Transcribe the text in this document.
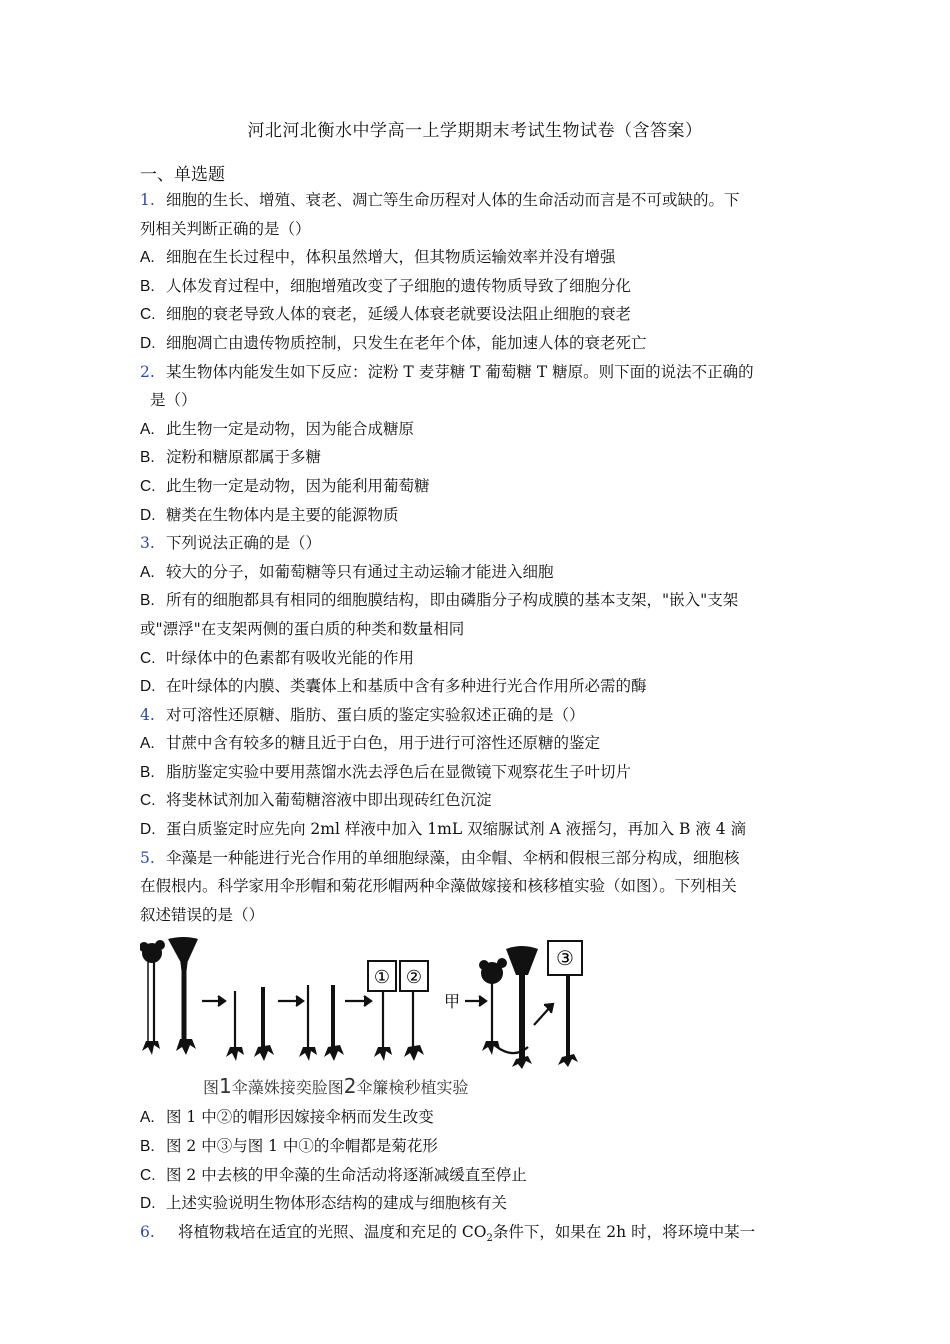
河北河北衡水中学高一上学期期末考试生物试卷（含答案）
一、单选题
1. 细胞的生长、增殖、衰老、凋亡等生命历程对人体的生命活动而言是不可或缺的。下
列相关判断正确的是（）
A. 细胞在生长过程中，体积虽然增大，但其物质运输效率并没有增强
B. 人体发育过程中，细胞增殖改变了子细胞的遗传物质导致了细胞分化
C. 细胞的衰老导致人体的衰老，延缓人体衰老就要设法阻止细胞的衰老
D. 细胞凋亡由遗传物质控制，只发生在老年个体，能加速人体的衰老死亡
2. 某生物体内能发生如下反应：淀粉 T 麦芽糖 T 葡萄糖 T 糖原。则下面的说法不正确的
是（）
A. 此生物一定是动物，因为能合成糖原
B. 淀粉和糖原都属于多糖
C. 此生物一定是动物，因为能利用葡萄糖
D. 糖类在生物体内是主要的能源物质
3. 下列说法正确的是（）
A. 较大的分子，如葡萄糖等只有通过主动运输才能进入细胞
B. 所有的细胞都具有相同的细胞膜结构，即由磷脂分子构成膜的基本支架，"嵌入"支架
或"漂浮"在支架两侧的蛋白质的种类和数量相同
C. 叶绿体中的色素都有吸收光能的作用
D. 在叶绿体的内膜、类囊体上和基质中含有多种进行光合作用所必需的酶
4. 对可溶性还原糖、脂肪、蛋白质的鉴定实验叙述正确的是（）
A. 甘蔗中含有较多的糖且近于白色，用于进行可溶性还原糖的鉴定
B. 脂肪鉴定实验中要用蒸馏水洗去浮色后在显微镜下观察花生子叶切片
C. 将斐林试剂加入葡萄糖溶液中即出现砖红色沉淀
D. 蛋白质鉴定时应先向 2ml 样液中加入 1mL 双缩脲试剂 A 液摇匀，再加入 B 液 4 滴
5. 伞藻是一种能进行光合作用的单细胞绿藻，由伞帽、伞柄和假根三部分构成，细胞核
在假根内。科学家用伞形帽和菊花形帽两种伞藻做嫁接和核移植实验（如图）。下列相关
叙述错误的是（）
① ②
③
甲
图1伞藻姝接奕脸图2伞簾検秒植实验
A. 图 1 中②的帽形因嫁接伞柄而发生改变
B. 图 2 中③与图 1 中①的伞帽都是菊花形
C. 图 2 中去核的甲伞藻的生命活动将逐渐减缓直至停止
D. 上述实验说明生物体形态结构的建成与细胞核有关
6. 将植物栽培在适宜的光照、温度和充足的 $CO_2$条件下，如果在 2h 时，将环境中某一
